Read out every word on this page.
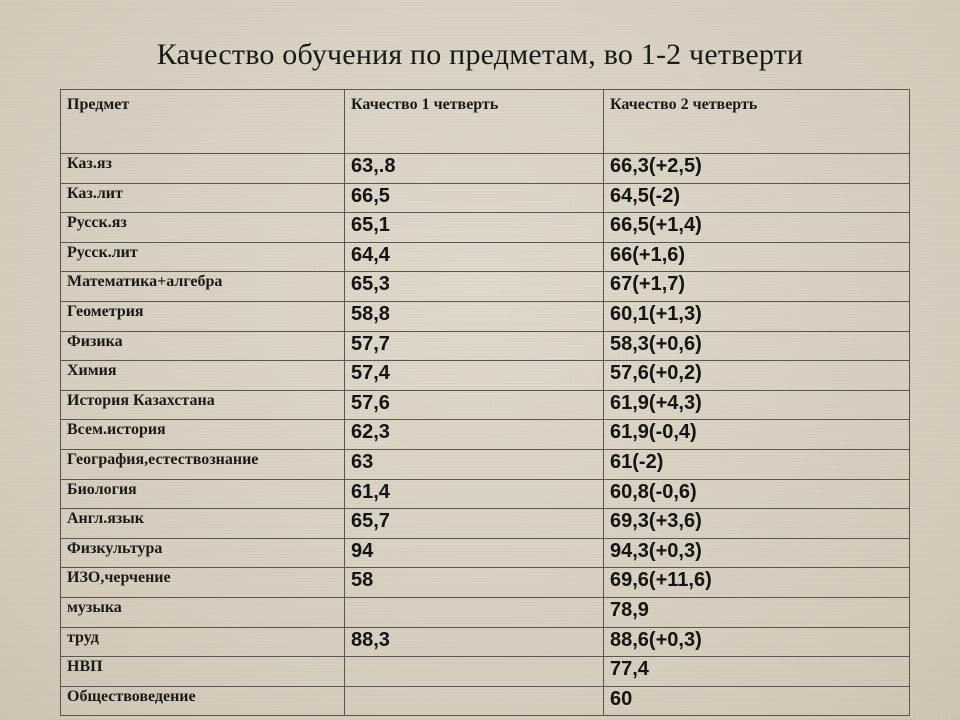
Качество обучения по предметам, во 1-2 четверти
Предмет	Качество 1 четверть	Качество 2 четверть
Каз.яз	63,.8	66,3(+2,5)
Каз.лит	66,5	64,5(-2)
Русск.яз	65,1	66,5(+1,4)
Русск.лит	64,4	66(+1,6)
Математика+алгебра	65,3	67(+1,7)
Геометрия	58,8	60,1(+1,3)
Физика	57,7	58,3(+0,6)
Химия	57,4	57,6(+0,2)
История Казахстана	57,6	61,9(+4,3)
Всем.история	62,3	61,9(-0,4)
География,естествознание	63	61(-2)
Биология	61,4	60,8(-0,6)
Англ.язык	65,7	69,3(+3,6)
Физкультура	94	94,3(+0,3)
ИЗО,черчение	58	69,6(+11,6)
музыка		78,9
труд	88,3	88,6(+0,3)
НВП		77,4
Обществоведение		60
